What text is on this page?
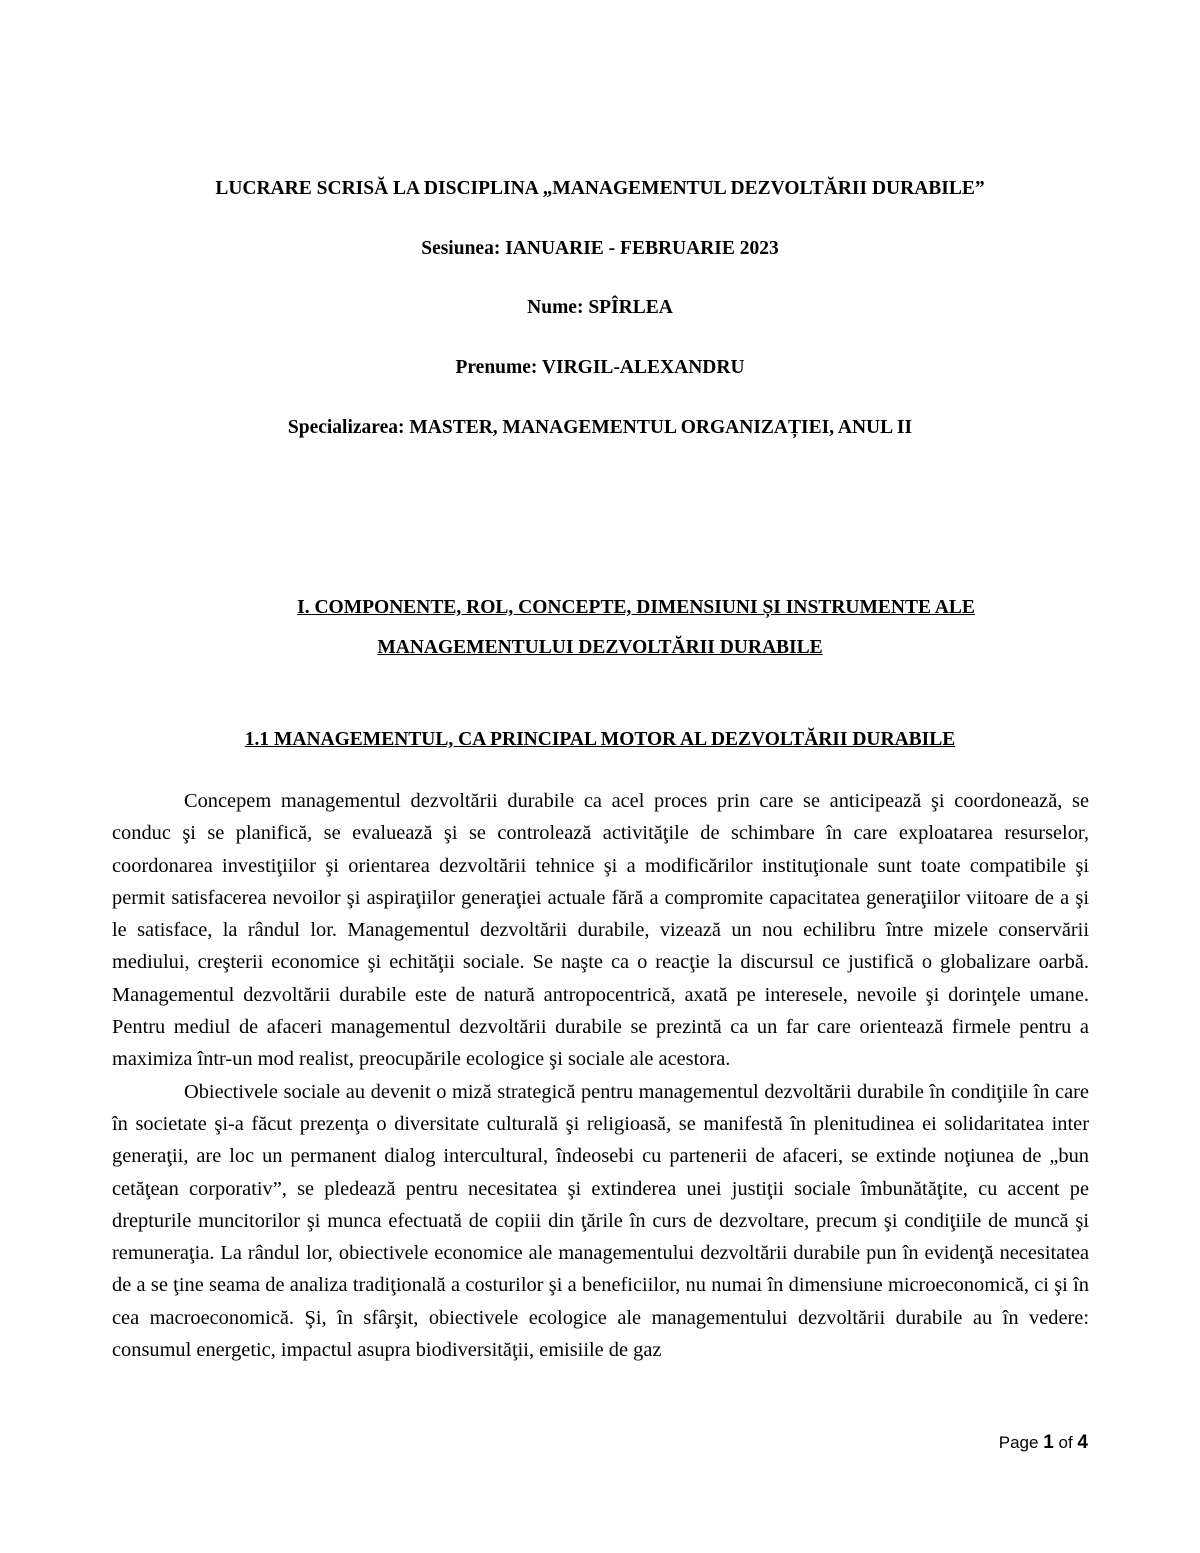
LUCRARE SCRISĂ LA DISCIPLINA „MANAGEMENTUL DEZVOLTĂRII DURABILE”
Sesiunea: IANUARIE - FEBRUARIE 2023
Nume: SPÎRLEA
Prenume: VIRGIL-ALEXANDRU
Specializarea: MASTER, MANAGEMENTUL ORGANIZAȚIEI, ANUL II
I. COMPONENTE, ROL, CONCEPTE, DIMENSIUNI ȘI INSTRUMENTE ALE
MANAGEMENTULUI DEZVOLTĂRII DURABILE
1.1 MANAGEMENTUL, CA PRINCIPAL MOTOR AL DEZVOLTĂRII DURABILE

Concepem managementul dezvoltării durabile ca acel proces prin care se anticipează şi coordonează, se conduc şi se planifică, se evaluează şi se controlează activităţile de schimbare în care exploatarea resurselor, coordonarea investiţiilor şi orientarea dezvoltării tehnice şi a modificărilor instituţionale sunt toate compatibile şi permit satisfacerea nevoilor şi aspiraţiilor generaţiei actuale fără a compromite capacitatea generaţiilor viitoare de a şi le satisface, la rândul lor. Managementul dezvoltării durabile, vizează un nou echilibru între mizele conservării mediului, creşterii economice şi echităţii sociale. Se naşte ca o reacţie la discursul ce justifică o globalizare oarbă. Managementul dezvoltării durabile este de natură antropocentrică, axată pe interesele, nevoile şi dorinţele umane. Pentru mediul de afaceri managementul dezvoltării durabile se prezintă ca un far care orientează firmele pentru a maximiza într-un mod realist, preocupările ecologice şi sociale ale acestora.

Obiectivele sociale au devenit o miză strategică pentru managementul dezvoltării durabile în condiţiile în care în societate şi-a făcut prezenţa o diversitate culturală şi religioasă, se manifestă în plenitudinea ei solidaritatea inter generaţii, are loc un permanent dialog intercultural, îndeosebi cu partenerii de afaceri, se extinde noţiunea de „bun cetăţean corporativ”, se pledează pentru necesitatea şi extinderea unei justiţii sociale îmbunătăţite, cu accent pe drepturile muncitorilor şi munca efectuată de copiii din ţările în curs de dezvoltare, precum şi condiţiile de muncă şi remuneraţia. La rândul lor, obiectivele economice ale managementului dezvoltării durabile pun în evidenţă necesitatea de a se ţine seama de analiza tradiţională a costurilor şi a beneficiilor, nu numai în dimensiune microeconomică, ci şi în cea macroeconomică. Şi, în sfârşit, obiectivele ecologice ale managementului dezvoltării durabile au în vedere: consumul energetic, impactul asupra biodiversităţii, emisiile de gaz

Page 1 of 4
